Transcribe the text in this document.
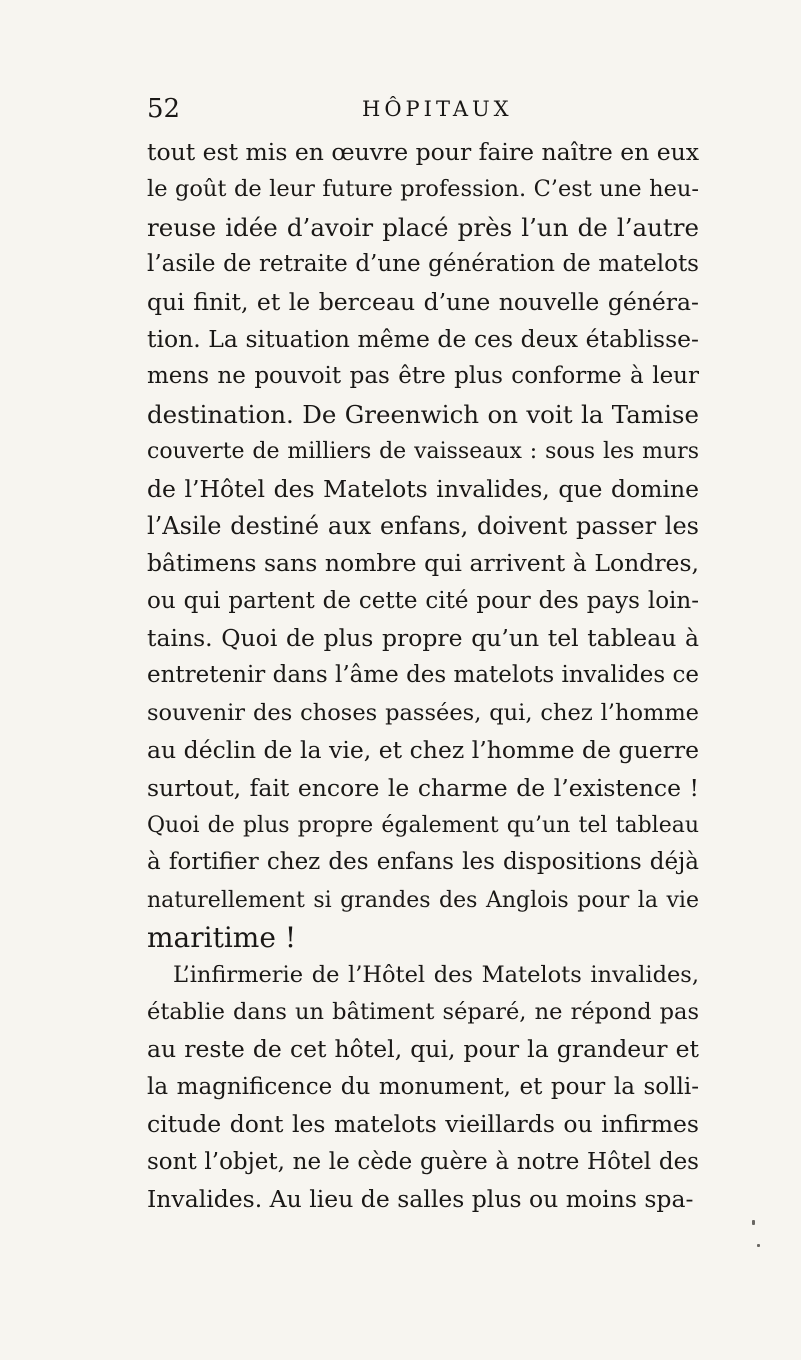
52	HÔPITAUX
tout est mis en œuvre pour faire naître en eux
le goût de leur future profession. C’est une heu-
reuse idée d’avoir placé près l’un de l’autre
l’asile de retraite d’une génération de matelots
qui finit, et le berceau d’une nouvelle généra-
tion. La situation même de ces deux établisse-
mens ne pouvoit pas être plus conforme à leur
destination. De Greenwich on voit la Tamise
couverte de milliers de vaisseaux : sous les murs
de l’Hôtel des Matelots invalides, que domine
l’Asile destiné aux enfans, doivent passer les
bâtimens sans nombre qui arrivent à Londres,
ou qui partent de cette cité pour des pays loin-
tains. Quoi de plus propre qu’un tel tableau à
entretenir dans l’âme des matelots invalides ce
souvenir des choses passées, qui, chez l’homme
au déclin de la vie, et chez l’homme de guerre
surtout, fait encore le charme de l’existence !
Quoi de plus propre également qu’un tel tableau
à fortifier chez des enfans les dispositions déjà
naturellement si grandes des Anglois pour la vie
maritime !
L’infirmerie de l’Hôtel des Matelots invalides,
établie dans un bâtiment séparé, ne répond pas
au reste de cet hôtel, qui, pour la grandeur et
la magnificence du monument, et pour la solli-
citude dont les matelots vieillards ou infirmes
sont l’objet, ne le cède guère à notre Hôtel des
Invalides. Au lieu de salles plus ou moins spa-
